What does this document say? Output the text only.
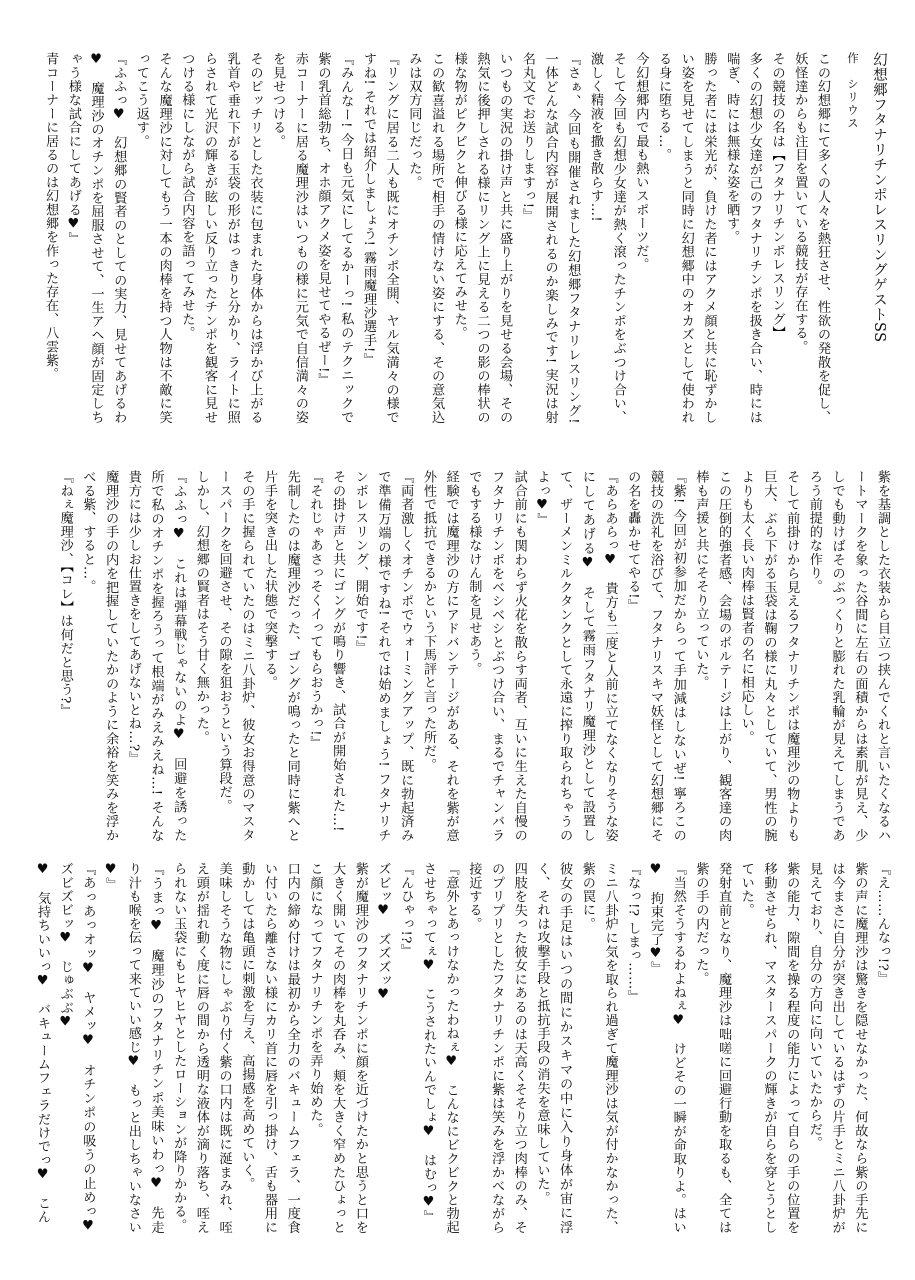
幻想郷フタナリチンポレスリングゲストSS

作　シリウス

この幻想郷にて多くの人々を熱狂させ、性欲の発散を促し、妖怪達からも注目を置いている競技が存在する。

その競技の名は【フタナリチンポレスリング】

多くの幻想少女達が己のフタナリチンポを扱き合い、時には喘ぎ、時には無様な姿を晒す。

勝った者には栄光が、負けた者にはアクメ顔と共に恥ずかしい姿を見せてしまうと同時に幻想郷中のオカズとして使われる身に堕ちる…。

今幻想郷内で最も熱いスポーツだ。

そして今回も幻想少女達が熱く滾ったチンポをぶつけ合い、激しく精液を撒き散らす…!

『さぁ、今回も開催されました幻想郷フタナリレスリング! 一体どんな試合内容が展開されるのか楽しみです! 実況は射名丸文でお送りしますっ!』

いつもの実況の掛け声と共に盛り上がりを見せる会場、その熱気に後押しされる様にリング上に見える二つの影の棒状の様な物がピクピクと伸びる様に応えてみせた。

この歓喜溢れる場所で相手の情けない姿にする、その意気込みは双方同じだった。

『リングに居る二人も既にオチンポ全開、ヤル気満々の様ですね! それでは紹介しましょう! 霧雨魔理沙選手!』

『みんなー! 今日も元気にしてるかーっ! 私のテクニックで紫の乳首総勃ち、オホ顔アクメ姿を見せてやるぜー!』

赤コーナーに居る魔理沙はいつもの様に元気で自信満々の姿を見せつける。

そのピッチリとした衣装に包まれた身体からは浮かび上がる乳首や垂れ下がる玉袋の形がはっきりと分かり、ライトに照らされて光沢の輝きが眩しい反り立ったチンポを観客に見せつける様にしながら試合内容を語ってみせた。

そんな魔理沙に対してもう一本の肉棒を持つ人物は不敵に笑ってこう返す。

『ふふっ♥　幻想郷の賢者のとしての実力、見せてあげるわ♥　魔理沙のオチンポを屈服させて、一生アヘ顔が固定しちゃう様な試合にしてあげる♥』

青コーナーに居るのは幻想郷を作った存在、八雲紫。

紫を基調とした衣装から目立つ挟んでくれと言いたくなるハートマークを象った谷間に左右の面積からは素肌が見え、少しでも動けばそのぶっくりと膨れた乳輪が見えてしまうであろう前提的な作り。

そして前掛けから見えるフタナリチンポは魔理沙の物よりも巨大、ぶら下がる玉袋は鞠の様に丸々としていて、男性の腕よりも太く長い肉棒は賢者の名に相応しい。

この圧倒的強者感、会場のボルテージは上がり、観客達の肉棒も声援と共にそそり立っていた。

『紫! 今回が初参加だからって手加減はしないぜ! 寧ろこの競技の洗礼を浴びて、フタナリスキマ妖怪として幻想郷にその名を轟かせてやる!』

『あらあらっ♥　貴方も二度と人前に立てなくなりそうな姿にしてあげる♥　そして霧雨フタナリ魔理沙として設置して、ザーメンミルクタンクとして永遠に搾り取られちゃうのよっ♥』

試合前にも関わらず火花を散らす両者、互いに生えた自慢のフタナリチンポをベシベシとぶつけ合い、まるでチャンバラでもする様なけん制を見せあう。

経験では魔理沙の方にアドバンテージがある、それを紫が意外性で抵抗できるかという下馬評と言った所だ。

『両者激しくオチンポでウォーミングアップ、既に勃起済みで準備万端の様ですね! それでは始めましょう! フタナリチンポレスリング、開始です!』

その掛け声と共にゴングが鳴り響き、試合が開始された…!

『それじゃあさっそくイってもらおうかっ!』

先制したのは魔理沙だった、ゴングが鳴ったと同時に紫へと片手を突き出した状態で突撃する。

その手に握られていたのはミニ八卦炉、彼女お得意のマスタースパークを回避させ、その隙を狙おうという算段だ。

しかし、幻想郷の賢者はそう甘く無かった。

『ふふっ♥　これは弾幕戦じゃないのよ♥　回避を誘った所で私のオチンポを握ろうって根端がみえみえね…! そんな貴方には少しお仕置きをしてあげないとね…?』

魔理沙の手の内を把握していたかのように余裕を笑みを浮かべる紫、すると…。

『ねぇ魔理沙、【コレ】は何だと思う?』

『え……んなっ!?』

紫の声に魔理沙は驚きを隠せなかった、何故なら紫の手先には今まさに自分が突き出しているはずの片手とミニ八卦炉が見えており、自分の方向に向いていたからだ。

紫の能力、隙間を操る程度の能力によって自らの手の位置を移動させられ、マスタースパークの輝きが自らを穿とうとしていた。

発射直前となり、魔理沙は咄嗟に回避行動を取るも、全ては紫の手の内だった。

『当然そうするわよねぇ♥　けどその一瞬が命取りよ。はい♥　拘束完了♥』

『なっ!? しまっ……』

ミニ八卦炉に気を取られ過ぎて魔理沙は気が付かなかった、紫の罠に。

彼女の手足はいつの間にかスキマの中に入り身体が宙に浮く、それは攻撃手段と抵抗手段の消失を意味していた。

四肢を失った彼女にあるのは天高くそそり立つ肉棒のみ、そのプリプリとしたフタナリチンポに紫は笑みを浮かべながら接近する。

『意外とあっけなかったわねぇ♥　こんなにビクビクと勃起させちゃってぇ♥　こうされたいんでしょ♥　はむっ♥』

『んひゃっ!?』

ズビッ♥　ズズズッ♥

紫が魔理沙のフタナリチンポに顔を近づけたかと思うと口を大きく開いてその肉棒を丸呑み、頬を大きく窄めたひょっとこ顔になってフタナリチンポを弄り始めた。

口内の締め付けは最初から全力のバキュームフェラ、一度食い付いたら離さない様にカリ首に唇を引っ掛け、舌も器用に動かしては亀頭に刺激を与え、高揚感を高めていく。

美味しそうな物にしゃぶり付く紫の口内は既に涎まみれ、咥え頭が揺れ動く度に唇の間から透明な液体が滴り落ち、咥えられない玉袋にもヒヤヒヤとしたローションが降りかかる。

『うまっ♥　魔理沙のフタナリチンポ美味いわっ♥　先走り汁も喉を伝って来ていい感じ♥　もっと出しちゃいなさい♥』

『あっあっオッ♥　ヤメッ♥　オチンポの吸うの止めっ♥　ズビズビッ♥　じゅぶぶ♥

♥　気持ちいいっ♥　バキュームフェラだけでっ♥　こん
